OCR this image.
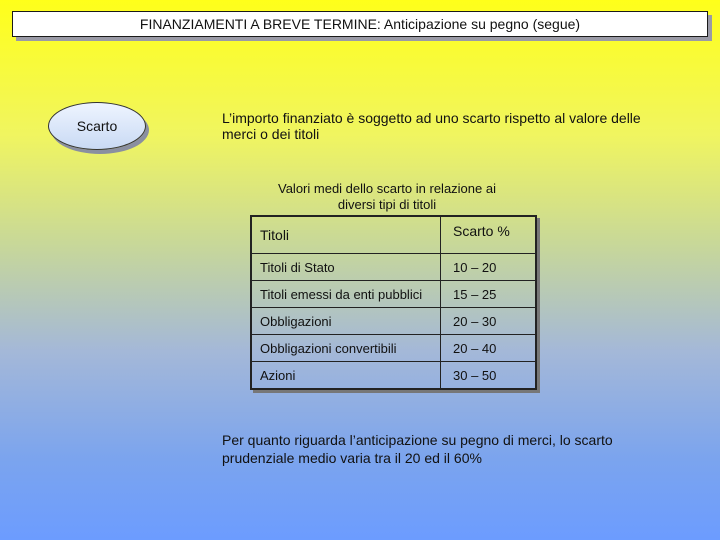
FINANZIAMENTI A BREVE TERMINE: Anticipazione su pegno (segue)
Scarto	L’importo finanziato è soggetto ad uno scarto rispetto al valore delle merci o dei titoli
Valori medi dello scarto in relazione ai diversi tipi di titoli
Titoli	Scarto %
Titoli di Stato	10 – 20
Titoli emessi da enti pubblici	15 – 25
Obbligazioni	20 – 30
Obbligazioni convertibili	20 – 40
Azioni	30 – 50
Per quanto riguarda l’anticipazione su pegno di merci, lo scarto prudenziale medio varia tra il 20 ed il 60%
